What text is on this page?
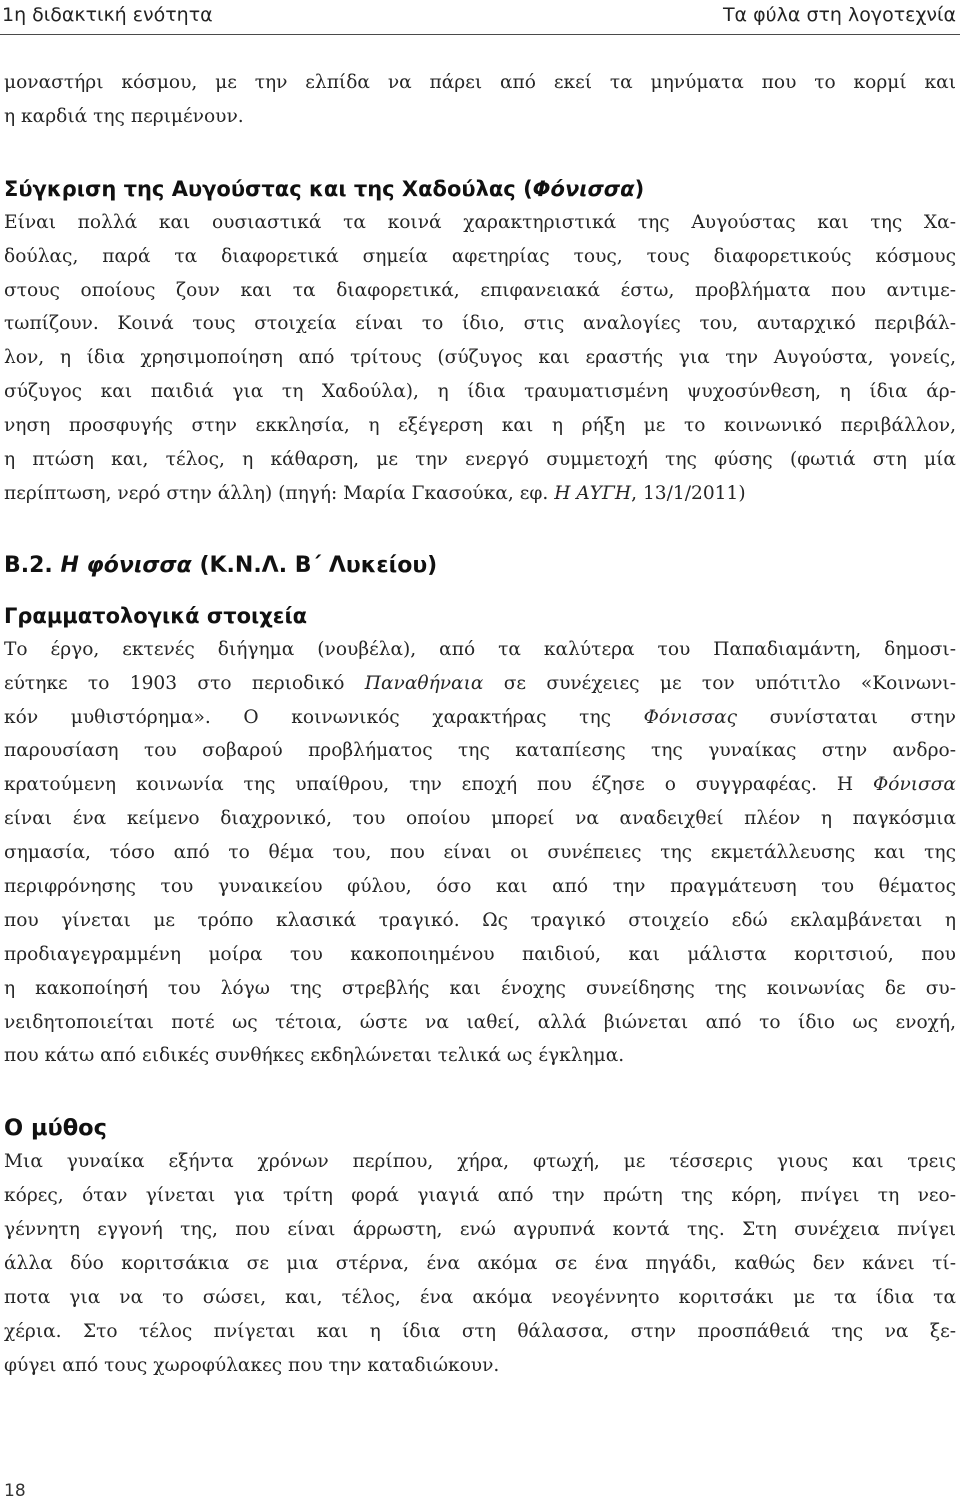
1η διδακτική ενότητα	Τα φύλα στη λογοτεχνία
μοναστήρι κόσμου, με την ελπίδα να πάρει από εκεί τα μηνύματα που το κορμί και
η καρδιά της περιμένουν.
Σύγκριση της Αυγούστας και της Χαδούλας (Φόνισσα)
Είναι πολλά και ουσιαστικά τα κοινά χαρακτηριστικά της Αυγούστας και της Χα-
δούλας, παρά τα διαφορετικά σημεία αφετηρίας τους, τους διαφορετικούς κόσμους
στους οποίους ζουν και τα διαφορετικά, επιφανειακά έστω, προβλήματα που αντιμε-
τωπίζουν. Κοινά τους στοιχεία είναι το ίδιο, στις αναλογίες του, αυταρχικό περιβάλ-
λον, η ίδια χρησιμοποίηση από τρίτους (σύζυγος και εραστής για την Αυγούστα, γονείς,
σύζυγος και παιδιά για τη Χαδούλα), η ίδια τραυματισμένη ψυχοσύνθεση, η ίδια άρ-
νηση προσφυγής στην εκκλησία, η εξέγερση και η ρήξη με το κοινωνικό περιβάλλον,
η πτώση και, τέλος, η κάθαρση, με την ενεργό συμμετοχή της φύσης (φωτιά στη μία
περίπτωση, νερό στην άλλη) (πηγή: Μαρία Γκασούκα, εφ. Η ΑΥΓΗ, 13/1/2011)
Β.2. Η φόνισσα (Κ.Ν.Λ. Β΄ Λυκείου)
Γραμματολογικά στοιχεία
Το έργο, εκτενές διήγημα (νουβέλα), από τα καλύτερα του Παπαδιαμάντη, δημοσι-
εύτηκε το 1903 στο περιοδικό Παναθήναια σε συνέχειες με τον υπότιτλο «Κοινωνι-
κόν μυθιστόρημα». Ο κοινωνικός χαρακτήρας της Φόνισσας συνίσταται στην
παρουσίαση του σοβαρού προβλήματος της καταπίεσης της γυναίκας στην ανδρο-
κρατούμενη κοινωνία της υπαίθρου, την εποχή που έζησε ο συγγραφέας. Η Φόνισσα
είναι ένα κείμενο διαχρονικό, του οποίου μπορεί να αναδειχθεί πλέον η παγκόσμια
σημασία, τόσο από το θέμα του, που είναι οι συνέπειες της εκμετάλλευσης και της
περιφρόνησης του γυναικείου φύλου, όσο και από την πραγμάτευση του θέματος
που γίνεται με τρόπο κλασικά τραγικό. Ως τραγικό στοιχείο εδώ εκλαμβάνεται η
προδιαγεγραμμένη μοίρα του κακοποιημένου παιδιού, και μάλιστα κοριτσιού, που
η κακοποίησή του λόγω της στρεβλής και ένοχης συνείδησης της κοινωνίας δε συ-
νειδητοποιείται ποτέ ως τέτοια, ώστε να ιαθεί, αλλά βιώνεται από το ίδιο ως ενοχή,
που κάτω από ειδικές συνθήκες εκδηλώνεται τελικά ως έγκλημα.
Ο μύθος
Μια γυναίκα εξήντα χρόνων περίπου, χήρα, φτωχή, με τέσσερις γιους και τρεις
κόρες, όταν γίνεται για τρίτη φορά γιαγιά από την πρώτη της κόρη, πνίγει τη νεο-
γέννητη εγγονή της, που είναι άρρωστη, ενώ αγρυπνά κοντά της. Στη συνέχεια πνίγει
άλλα δύο κοριτσάκια σε μια στέρνα, ένα ακόμα σε ένα πηγάδι, καθώς δεν κάνει τί-
ποτα για να το σώσει, και, τέλος, ένα ακόμα νεογέννητο κοριτσάκι με τα ίδια τα
χέρια. Στο τέλος πνίγεται και η ίδια στη θάλασσα, στην προσπάθειά της να ξε-
φύγει από τους χωροφύλακες που την καταδιώκουν.
18
